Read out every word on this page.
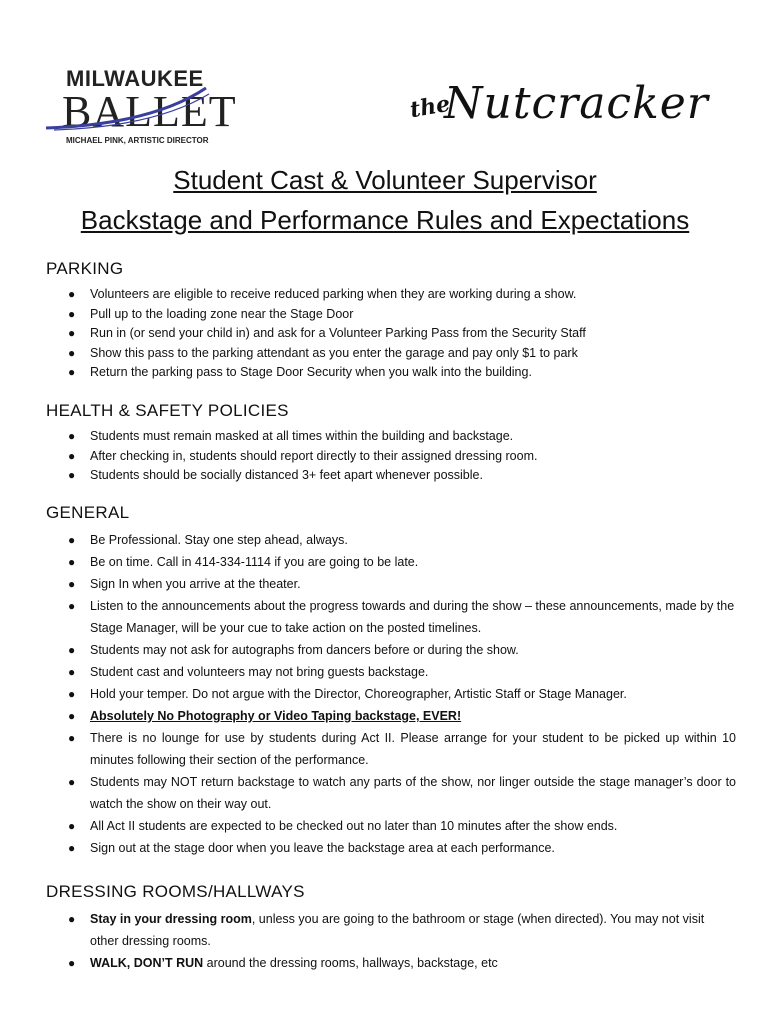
MILWAUKEE
BALLET
MICHAEL PINK, ARTISTIC DIRECTOR
the
Nutcracker
Student Cast & Volunteer Supervisor
Backstage and Performance Rules and Expectations
PARKING
● Volunteers are eligible to receive reduced parking when they are working during a show.
● Pull up to the loading zone near the Stage Door
● Run in (or send your child in) and ask for a Volunteer Parking Pass from the Security Staff
● Show this pass to the parking attendant as you enter the garage and pay only $1 to park
● Return the parking pass to Stage Door Security when you walk into the building.
HEALTH & SAFETY POLICIES
● Students must remain masked at all times within the building and backstage.
● After checking in, students should report directly to their assigned dressing room.
● Students should be socially distanced 3+ feet apart whenever possible.
GENERAL
● Be Professional. Stay one step ahead, always.
● Be on time. Call in 414-334-1114 if you are going to be late.
● Sign In when you arrive at the theater.
● Listen to the announcements about the progress towards and during the show – these announcements, made by the Stage Manager, will be your cue to take action on the posted timelines.
● Students may not ask for autographs from dancers before or during the show.
● Student cast and volunteers may not bring guests backstage.
● Hold your temper. Do not argue with the Director, Choreographer, Artistic Staff or Stage Manager.
● Absolutely No Photography or Video Taping backstage, EVER!
● There is no lounge for use by students during Act II. Please arrange for your student to be picked up within 10 minutes following their section of the performance.
● Students may NOT return backstage to watch any parts of the show, nor linger outside the stage manager’s door to watch the show on their way out.
● All Act II students are expected to be checked out no later than 10 minutes after the show ends.
● Sign out at the stage door when you leave the backstage area at each performance.
DRESSING ROOMS/HALLWAYS
● Stay in your dressing room, unless you are going to the bathroom or stage (when directed). You may not visit other dressing rooms.
● WALK, DON’T RUN around the dressing rooms, hallways, backstage, etc
